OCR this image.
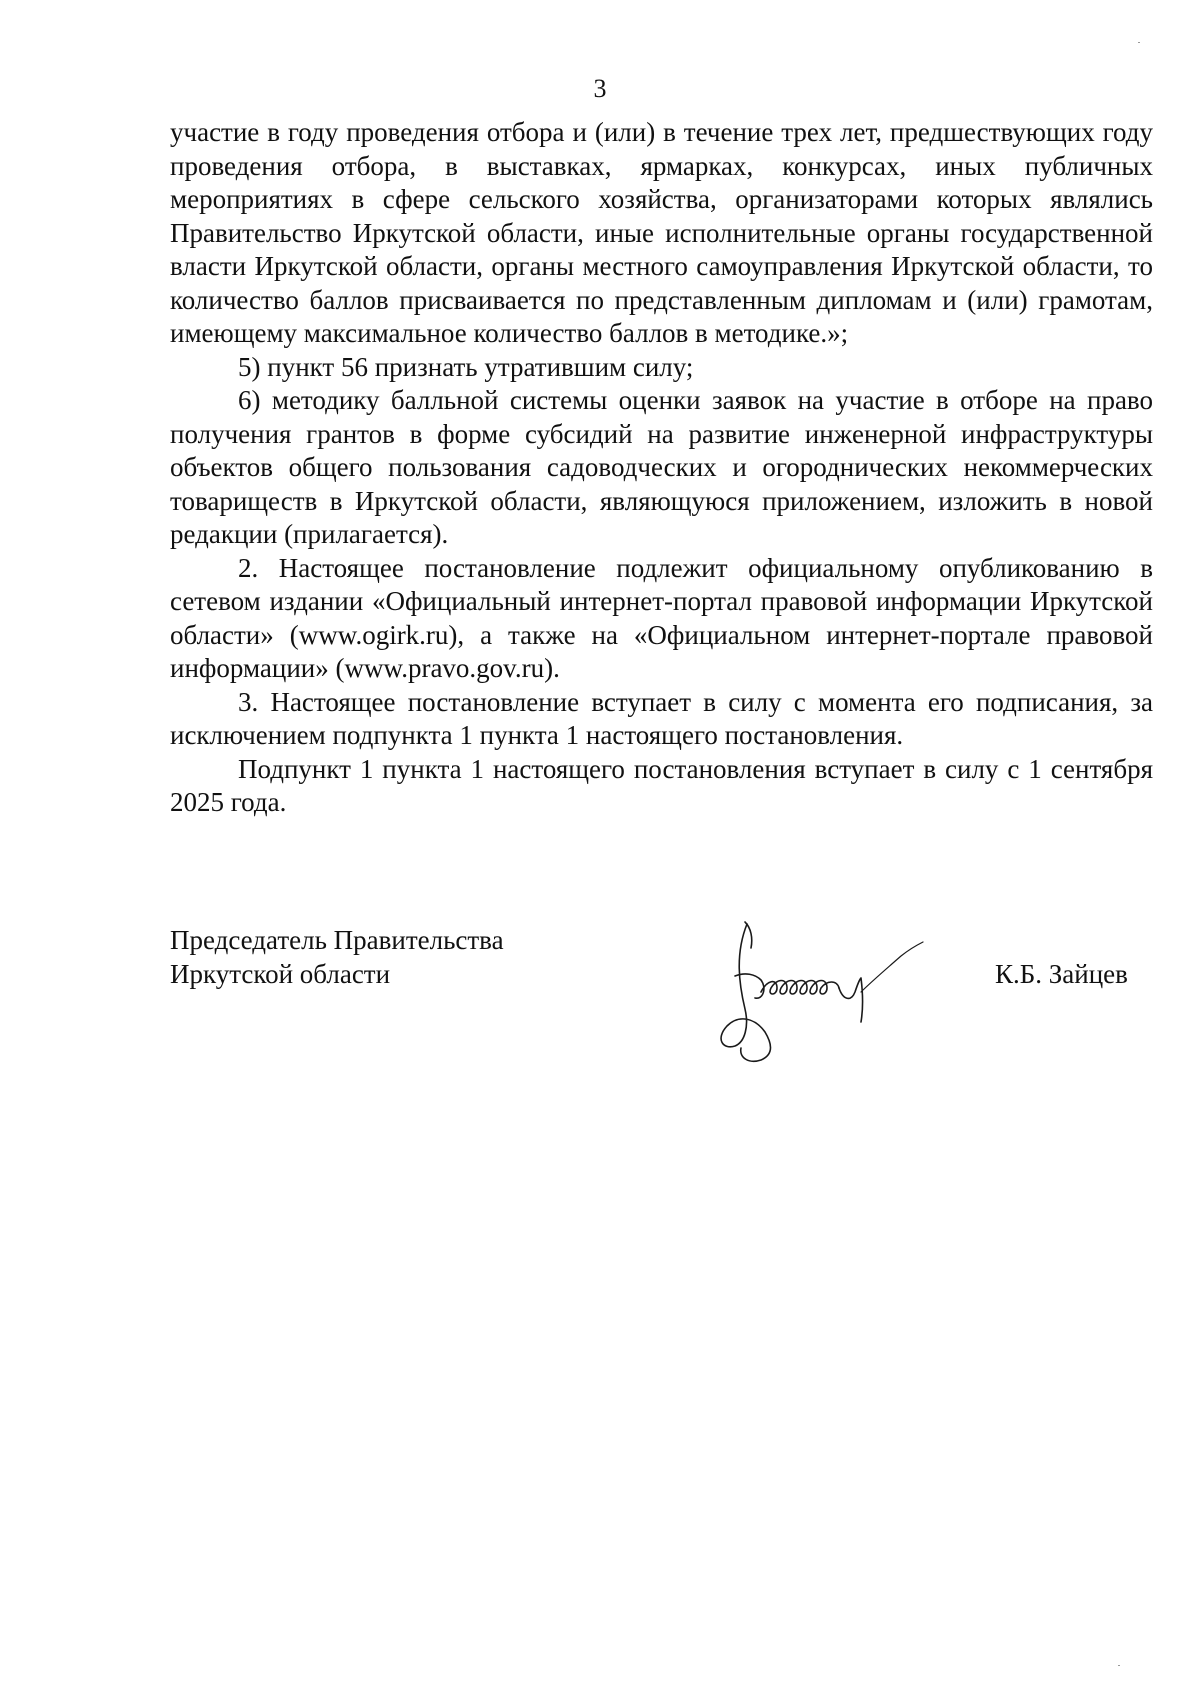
3

участие в году проведения отбора и (или) в течение трех лет, предшествующих году проведения отбора, в выставках, ярмарках, конкурсах, иных публичных мероприятиях в сфере сельского хозяйства, организаторами которых являлись Правительство Иркутской области, иные исполнительные органы государственной власти Иркутской области, органы местного самоуправления Иркутской области, то количество баллов присваивается по представленным дипломам и (или) грамотам, имеющему максимальное количество баллов в методике.»;

5) пункт 56 признать утратившим силу;

6) методику балльной системы оценки заявок на участие в отборе на право получения грантов в форме субсидий на развитие инженерной инфраструктуры объектов общего пользования садоводческих и огороднических некоммерческих товариществ в Иркутской области, являющуюся приложением, изложить в новой редакции (прилагается).

2. Настоящее постановление подлежит официальному опубликованию в сетевом издании «Официальный интернет-портал правовой информации Иркутской области» (www.ogirk.ru), а также на «Официальном интернет-портале правовой информации» (www.pravo.gov.ru).

3. Настоящее постановление вступает в силу с момента его подписания, за исключением подпункта 1 пункта 1 настоящего постановления.

Подпункт 1 пункта 1 настоящего постановления вступает в силу с 1 сентября 2025 года.

Председатель Правительства
Иркутской области	К.Б. Зайцев
